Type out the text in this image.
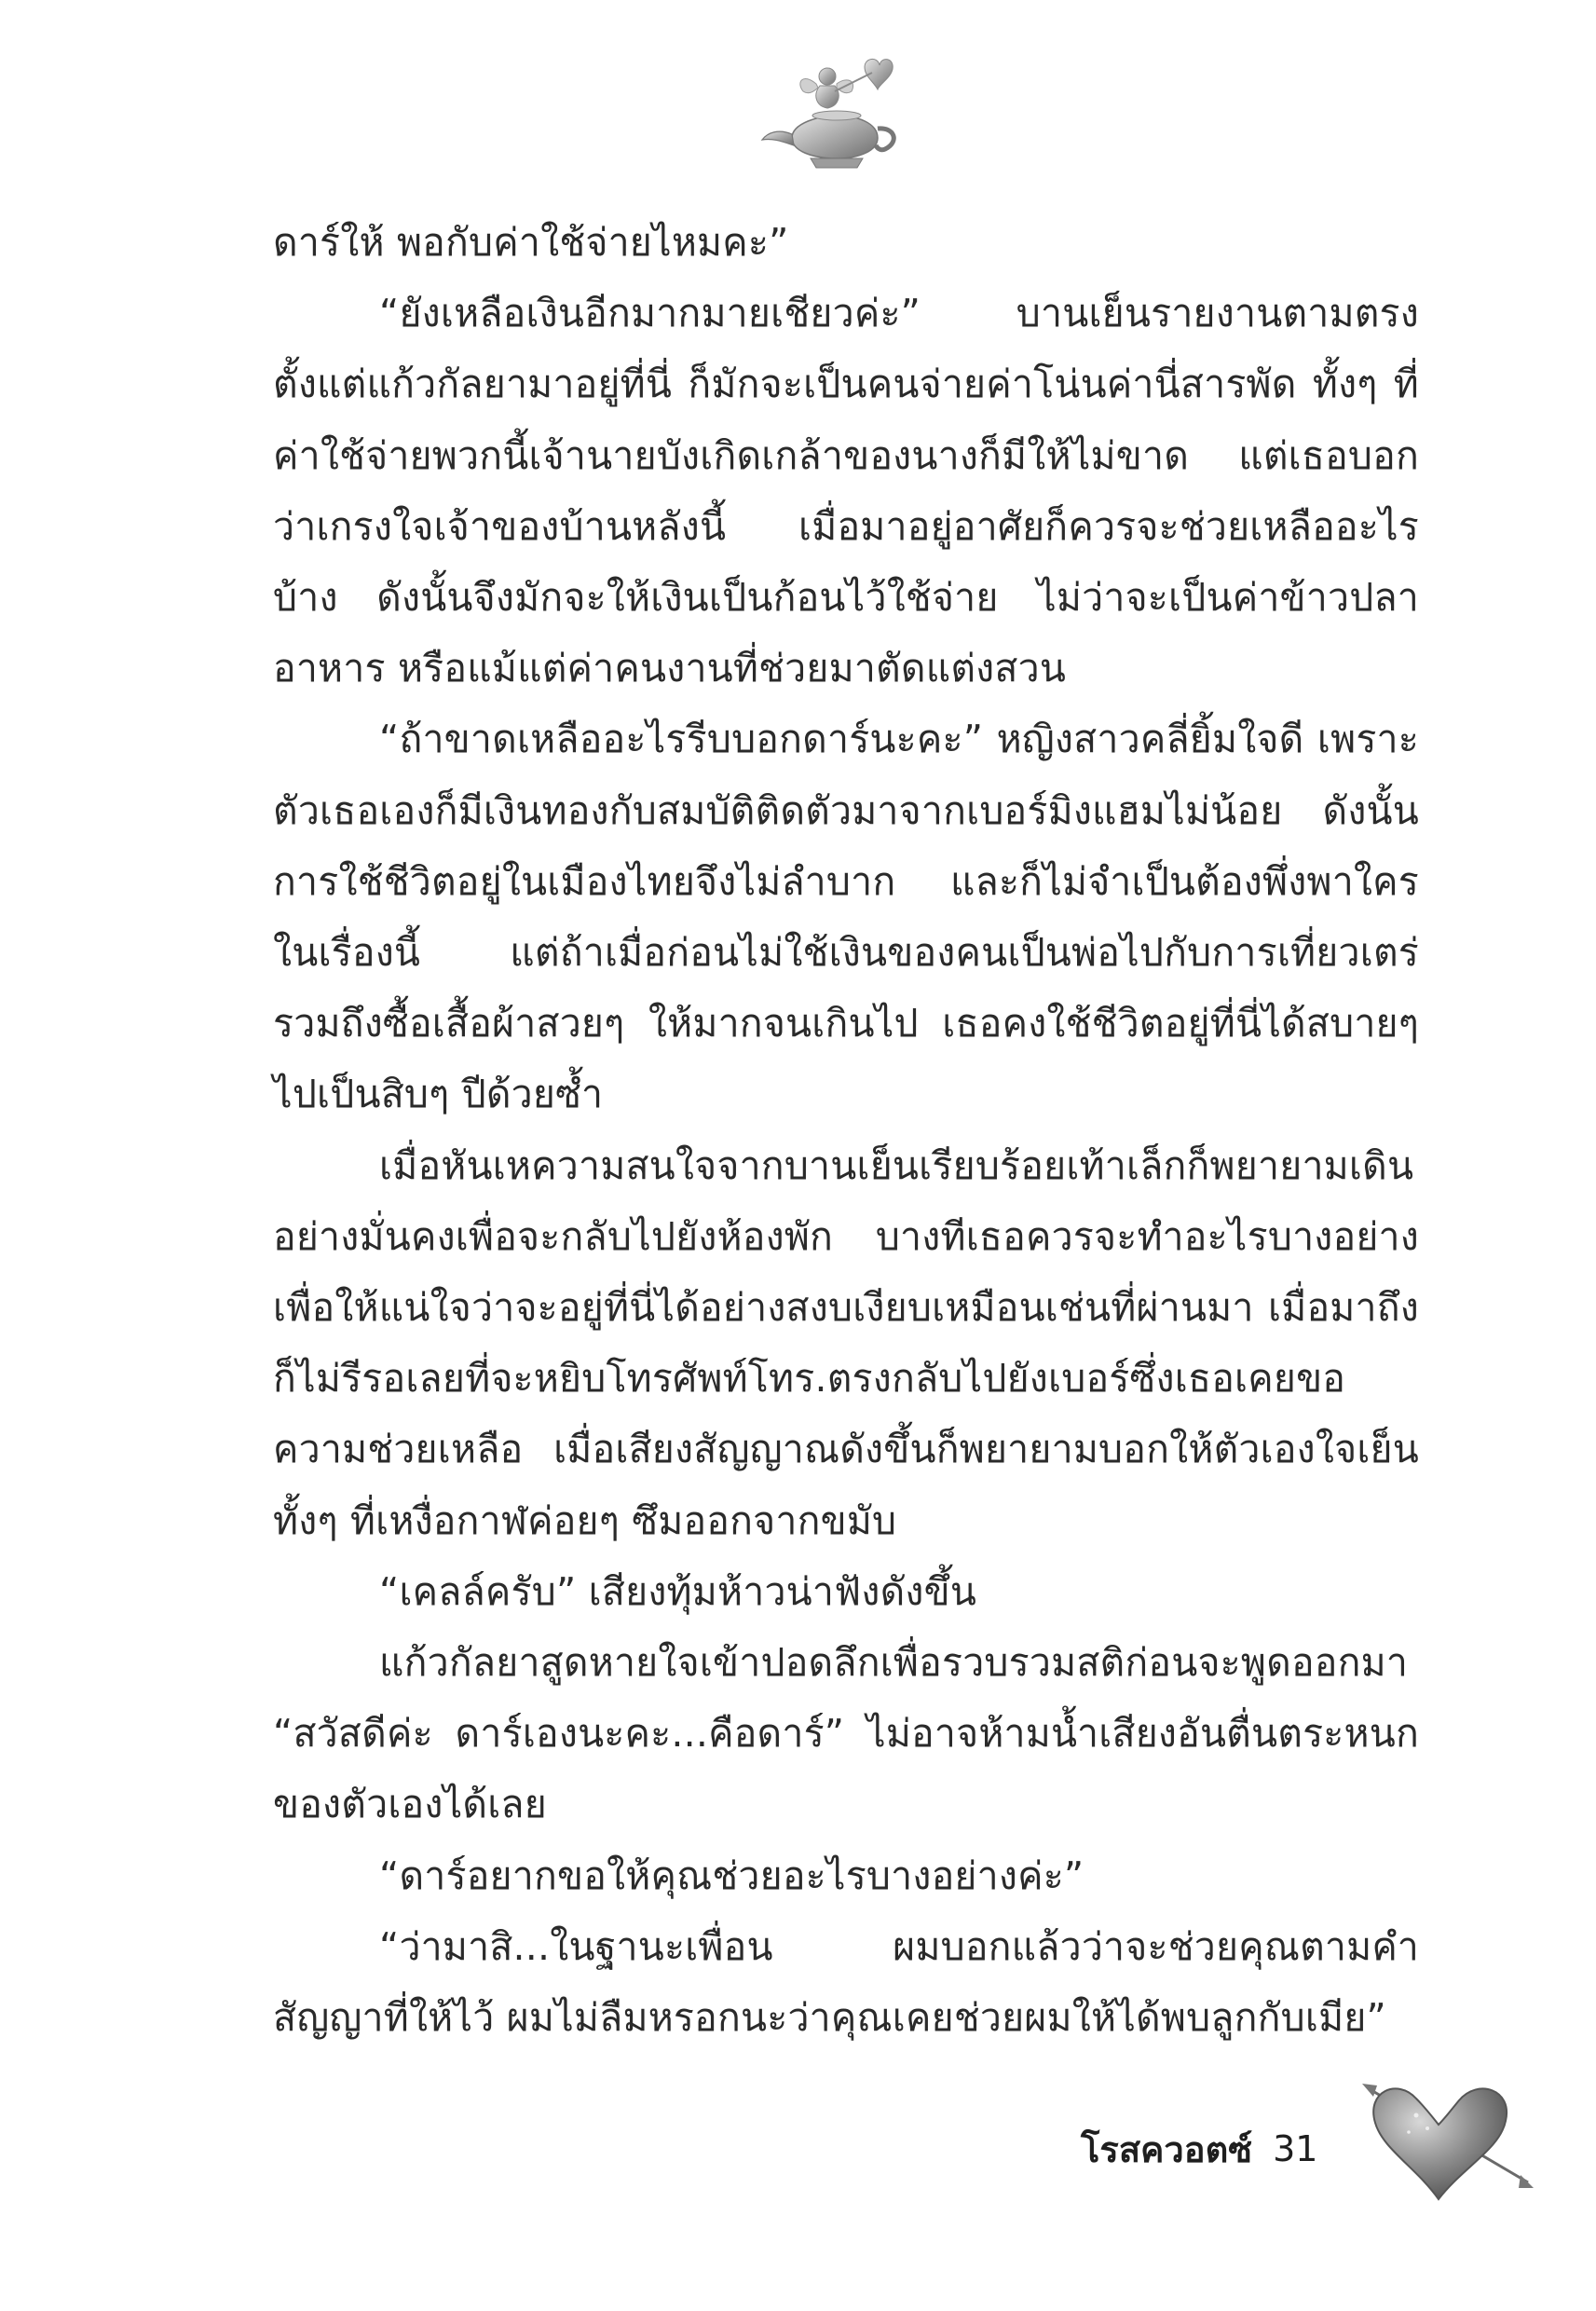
ดาร์ให้ พอกับค่าใช้จ่ายไหมคะ”

“ยังเหลือเงินอีกมากมายเชียวค่ะ” บานเย็นรายงานตามตรง ตั้งแต่แก้วกัลยามาอยู่ที่นี่ ก็มักจะเป็นคนจ่ายค่าโน่นค่านี่สารพัด ทั้งๆ ที่ค่าใช้จ่ายพวกนี้เจ้านายบังเกิดเกล้าของนางก็มีให้ไม่ขาด แต่เธอบอกว่าเกรงใจเจ้าของบ้านหลังนี้ เมื่อมาอยู่อาศัยก็ควรจะช่วยเหลืออะไรบ้าง ดังนั้นจึงมักจะให้เงินเป็นก้อนไว้ใช้จ่าย ไม่ว่าจะเป็นค่าข้าวปลาอาหาร หรือแม้แต่ค่าคนงานที่ช่วยมาตัดแต่งสวน

“ถ้าขาดเหลืออะไรรีบบอกดาร์นะคะ” หญิงสาวคลี่ยิ้มใจดี เพราะตัวเธอเองก็มีเงินทองกับสมบัติติดตัวมาจากเบอร์มิงแฮมไม่น้อย ดังนั้นการใช้ชีวิตอยู่ในเมืองไทยจึงไม่ลำบาก และก็ไม่จำเป็นต้องพึ่งพาใครในเรื่องนี้ แต่ถ้าเมื่อก่อนไม่ใช้เงินของคนเป็นพ่อไปกับการเที่ยวเตร่ รวมถึงซื้อเสื้อผ้าสวยๆ ให้มากจนเกินไป เธอคงใช้ชีวิตอยู่ที่นี่ได้สบายๆ ไปเป็นสิบๆ ปีด้วยซ้ำ

เมื่อหันเหความสนใจจากบานเย็นเรียบร้อยเท้าเล็กก็พยายามเดินอย่างมั่นคงเพื่อจะกลับไปยังห้องพัก บางทีเธอควรจะทำอะไรบางอย่างเพื่อให้แน่ใจว่าจะอยู่ที่นี่ได้อย่างสงบเงียบเหมือนเช่นที่ผ่านมา เมื่อมาถึงก็ไม่รีรอเลยที่จะหยิบโทรศัพท์โทร.ตรงกลับไปยังเบอร์ซึ่งเธอเคยขอความช่วยเหลือ เมื่อเสียงสัญญาณดังขึ้นก็พยายามบอกให้ตัวเองใจเย็น ทั้งๆ ที่เหงื่อกาฬค่อยๆ ซึมออกจากขมับ

“เคลล์ครับ” เสียงทุ้มห้าวน่าฟังดังขึ้น

แก้วกัลยาสูดหายใจเข้าปอดลึกเพื่อรวบรวมสติก่อนจะพูดออกมา “สวัสดีค่ะ ดาร์เองนะคะ...คือดาร์” ไม่อาจห้ามน้ำเสียงอันตื่นตระหนกของตัวเองได้เลย

“ดาร์อยากขอให้คุณช่วยอะไรบางอย่างค่ะ”

“ว่ามาสิ...ในฐานะเพื่อน ผมบอกแล้วว่าจะช่วยคุณตามคำสัญญาที่ให้ไว้ ผมไม่ลืมหรอกนะว่าคุณเคยช่วยผมให้ได้พบลูกกับเมีย”

โรสควอตซ์ 31
